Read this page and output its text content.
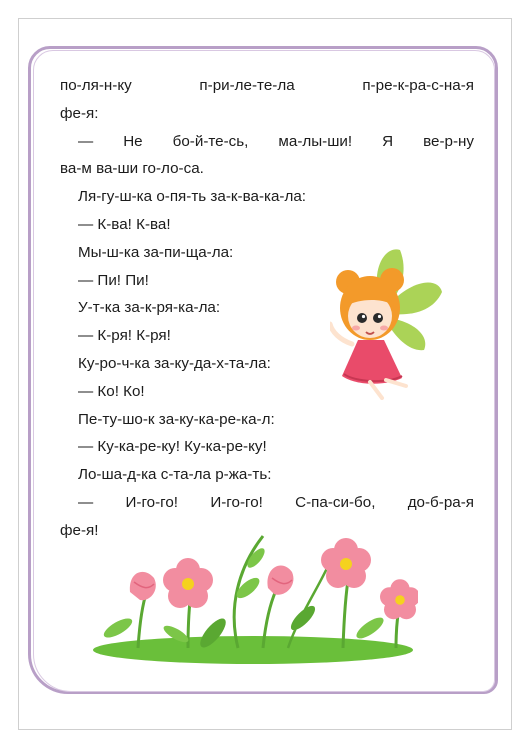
по-ля-н-ку п-ри-ле-те-ла п-ре-к-ра-с-на-я
фе-я:
— Не бо-й-те-сь, ма-лы-ши! Я ве-р-ну
ва-м ва-ши го-ло-са.
Ля-гу-ш-ка о-пя-ть за-к-ва-ка-ла:
— К-ва! К-ва!
Мы-ш-ка за-пи-ща-ла:
— Пи! Пи!
У-т-ка за-к-ря-ка-ла:
— К-ря! К-ря!
Ку-ро-ч-ка за-ку-да-х-та-ла:
— Ко! Ко!
Пе-ту-шо-к за-ку-ка-ре-ка-л:
— Ку-ка-ре-ку! Ку-ка-ре-ку!
Ло-ша-д-ка с-та-ла р-жа-ть:
— И-го-го! И-го-го! С-па-си-бо, до-б-ра-я
фе-я!
